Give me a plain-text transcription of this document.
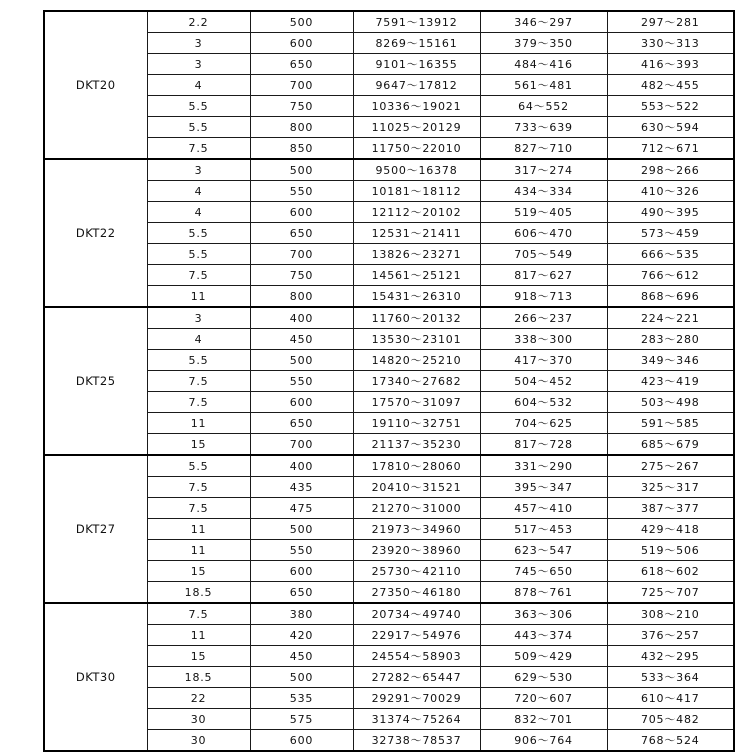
DKT20	2.2	500	7591～13912	346～297	297～281
	3	600	8269～15161	379～350	330～313
	3	650	9101～16355	484～416	416～393
	4	700	9647～17812	561～481	482～455
	5.5	750	10336～19021	64～552	553～522
	5.5	800	11025～20129	733～639	630～594
	7.5	850	11750～22010	827～710	712～671
DKT22	3	500	9500～16378	317～274	298～266
	4	550	10181～18112	434～334	410～326
	4	600	12112～20102	519～405	490～395
	5.5	650	12531～21411	606～470	573～459
	5.5	700	13826～23271	705～549	666～535
	7.5	750	14561～25121	817～627	766～612
	11	800	15431～26310	918～713	868～696
DKT25	3	400	11760～20132	266～237	224～221
	4	450	13530～23101	338～300	283～280
	5.5	500	14820～25210	417～370	349～346
	7.5	550	17340～27682	504～452	423～419
	7.5	600	17570～31097	604～532	503～498
	11	650	19110～32751	704～625	591～585
	15	700	21137～35230	817～728	685～679
DKT27	5.5	400	17810～28060	331～290	275～267
	7.5	435	20410～31521	395～347	325～317
	7.5	475	21270～31000	457～410	387～377
	11	500	21973～34960	517～453	429～418
	11	550	23920～38960	623～547	519～506
	15	600	25730～42110	745～650	618～602
	18.5	650	27350～46180	878～761	725～707
DKT30	7.5	380	20734～49740	363～306	308～210
	11	420	22917～54976	443～374	376～257
	15	450	24554～58903	509～429	432～295
	18.5	500	27282～65447	629～530	533～364
	22	535	29291～70029	720～607	610～417
	30	575	31374～75264	832～701	705～482
	30	600	32738～78537	906～764	768～524
